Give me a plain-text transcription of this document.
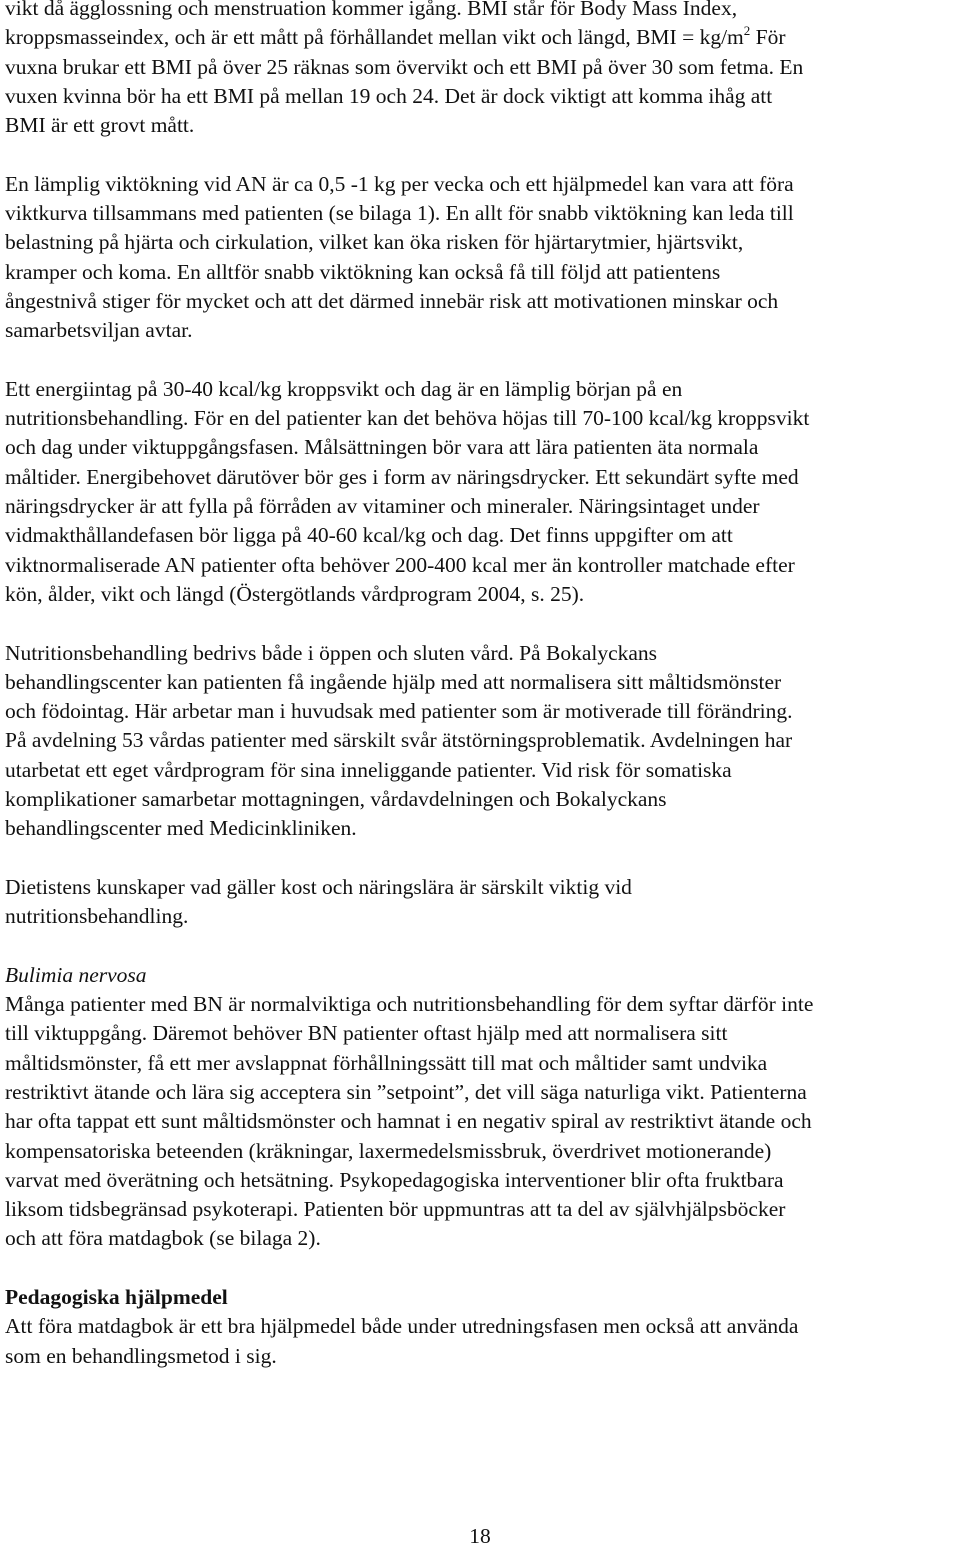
vikt då ägglossning och menstruation kommer igång. BMI står för Body Mass Index,

kroppsmasseindex, och är ett mått på förhållandet mellan vikt och längd, BMI = $kg/m^2$ För

vuxna brukar ett BMI på över 25 räknas som övervikt och ett BMI på över 30 som fetma. En

vuxen kvinna bör ha ett BMI på mellan 19 och 24. Det är dock viktigt att komma ihåg att

BMI är ett grovt mått.

En lämplig viktökning vid AN är ca 0,5 -1 kg per vecka och ett hjälpmedel kan vara att föra

viktkurva tillsammans med patienten (se bilaga 1). En allt för snabb viktökning kan leda till

belastning på hjärta och cirkulation, vilket kan öka risken för hjärtarytmier, hjärtsvikt,

kramper och koma. En alltför snabb viktökning kan också få till följd att patientens

ångestnivå stiger för mycket och att det därmed innebär risk att motivationen minskar och

samarbetsviljan avtar.

Ett energiintag på 30-40 kcal/kg kroppsvikt och dag är en lämplig början på en

nutritionsbehandling. För en del patienter kan det behöva höjas till 70-100 kcal/kg kroppsvikt

och dag under viktuppgångsfasen. Målsättningen bör vara att lära patienten äta normala

måltider. Energibehovet därutöver bör ges i form av näringsdrycker. Ett sekundärt syfte med

näringsdrycker är att fylla på förråden av vitaminer och mineraler. Näringsintaget under

vidmakthållandefasen bör ligga på 40-60 kcal/kg och dag. Det finns uppgifter om att

viktnormaliserade AN patienter ofta behöver 200-400 kcal mer än kontroller matchade efter

kön, ålder, vikt och längd (Östergötlands vårdprogram 2004, s. 25).

Nutritionsbehandling bedrivs både i öppen och sluten vård. På Bokalyckans

behandlingscenter kan patienten få ingående hjälp med att normalisera sitt måltidsmönster

och födointag. Här arbetar man i huvudsak med patienter som är motiverade till förändring.

På avdelning 53 vårdas patienter med särskilt svår ätstörningsproblematik. Avdelningen har

utarbetat ett eget vårdprogram för sina inneliggande patienter. Vid risk för somatiska

komplikationer samarbetar mottagningen, vårdavdelningen och Bokalyckans

behandlingscenter med Medicinkliniken.

Dietistens kunskaper vad gäller kost och näringslära är särskilt viktig vid

nutritionsbehandling.

Bulimia nervosa

Många patienter med BN är normalviktiga och nutritionsbehandling för dem syftar därför inte

till viktuppgång. Däremot behöver BN patienter oftast hjälp med att normalisera sitt

måltidsmönster, få ett mer avslappnat förhållningssätt till mat och måltider samt undvika

restriktivt ätande och lära sig acceptera sin ”setpoint”, det vill säga naturliga vikt. Patienterna

har ofta tappat ett sunt måltidsmönster och hamnat i en negativ spiral av restriktivt ätande och

kompensatoriska beteenden (kräkningar, laxermedelsmissbruk, överdrivet motionerande)

varvat med överätning och hetsätning. Psykopedagogiska interventioner blir ofta fruktbara

liksom tidsbegränsad psykoterapi. Patienten bör uppmuntras att ta del av självhjälpsböcker

och att föra matdagbok (se bilaga 2).

Pedagogiska hjälpmedel

Att föra matdagbok är ett bra hjälpmedel både under utredningsfasen men också att använda

som en behandlingsmetod i sig.

18
